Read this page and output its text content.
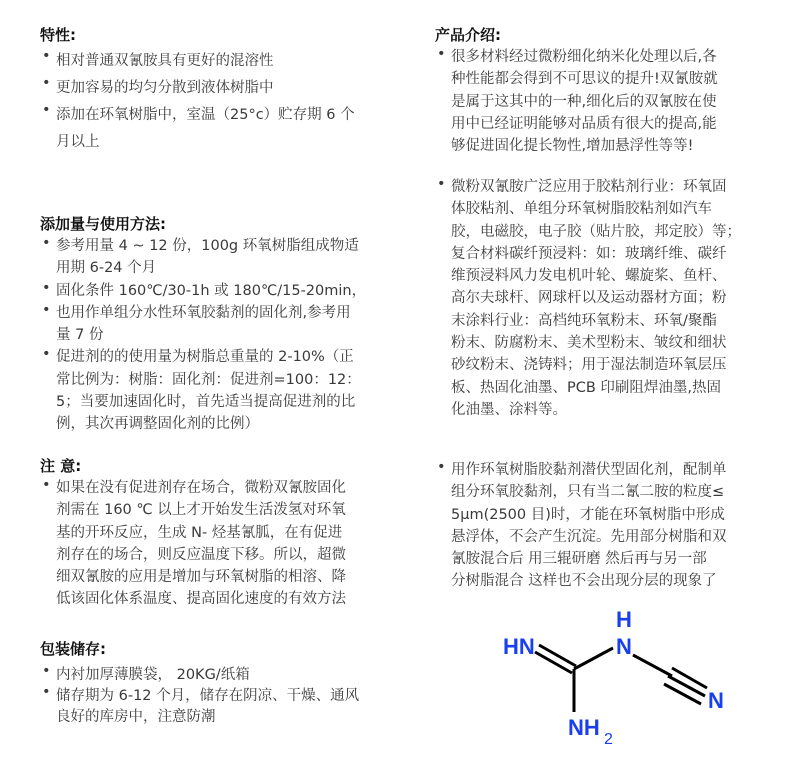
特性:
• 相对普通双氰胺具有更好的混溶性
• 更加容易的均匀分散到液体树脂中
• 添加在环氧树脂中，室温（25°c）贮存期 6 个
月以上
添加量与使用方法:
• 参考用量 4 ~ 12 份，100g 环氧树脂组成物适
用期 6-24 个月
• 固化条件 160℃/30-1h 或 180℃/15-20min，
• 也用作单组分水性环氧胶黏剂的固化剂,参考用
量 7 份
• 促进剂的的使用量为树脂总重量的 2-10%（正
常比例为：树脂：固化剂：促进剂=100：12：
5；当要加速固化时，首先适当提高促进剂的比
例，其次再调整固化剂的比例）
注 意:
• 如果在没有促进剂存在场合，微粉双氰胺固化
剂需在 160 ℃ 以上才开始发生活泼氢对环氧
基的开环反应，生成 N- 烃基氰胍，在有促进
剂存在的场合，则反应温度下移。所以，超微
细双氰胺的应用是增加与环氧树脂的相溶、降
低该固化体系温度、提高固化速度的有效方法
包装储存:
• 内衬加厚薄膜袋， 20KG/纸箱
• 储存期为 6-12 个月，储存在阴凉、干燥、通风
良好的库房中，注意防潮
产品介绍:
• 很多材料经过微粉细化纳米化处理以后,各
种性能都会得到不可思议的提升!双氰胺就
是属于这其中的一种,细化后的双氰胺在使
用中已经证明能够对品质有很大的提高,能
够促进固化提长物性,增加悬浮性等等!
• 微粉双氰胺广泛应用于胶粘剂行业：环氧固
体胶粘剂、单组分环氧树脂胶粘剂如汽车
胶，电磁胶，电子胶（贴片胶，邦定胶）等；
复合材料碳纤预浸料：如：玻璃纤维、碳纤
维预浸料风力发电机叶轮、螺旋桨、鱼杆、
高尔夫球杆、网球杆以及运动器材方面；粉
末涂料行业：高档纯环氧粉末、环氧/聚酯
粉末、防腐粉末、美术型粉末、皱纹和细状
砂纹粉末、浇铸料；用于湿法制造环氧层压
板、热固化油墨、PCB 印刷阻焊油墨,热固
化油墨、涂料等。
• 用作环氧树脂胶黏剂潜伏型固化剂，配制单
组分环氧胶黏剂，只有当二氰二胺的粒度≤
5μm(2500 目)时，才能在环氧树脂中形成
悬浮体，不会产生沉淀。先用部分树脂和双
氰胺混合后 用三辊研磨 然后再与另一部
分树脂混合 这样也不会出现分层的现象了
HN
H
N
N
NH 2
